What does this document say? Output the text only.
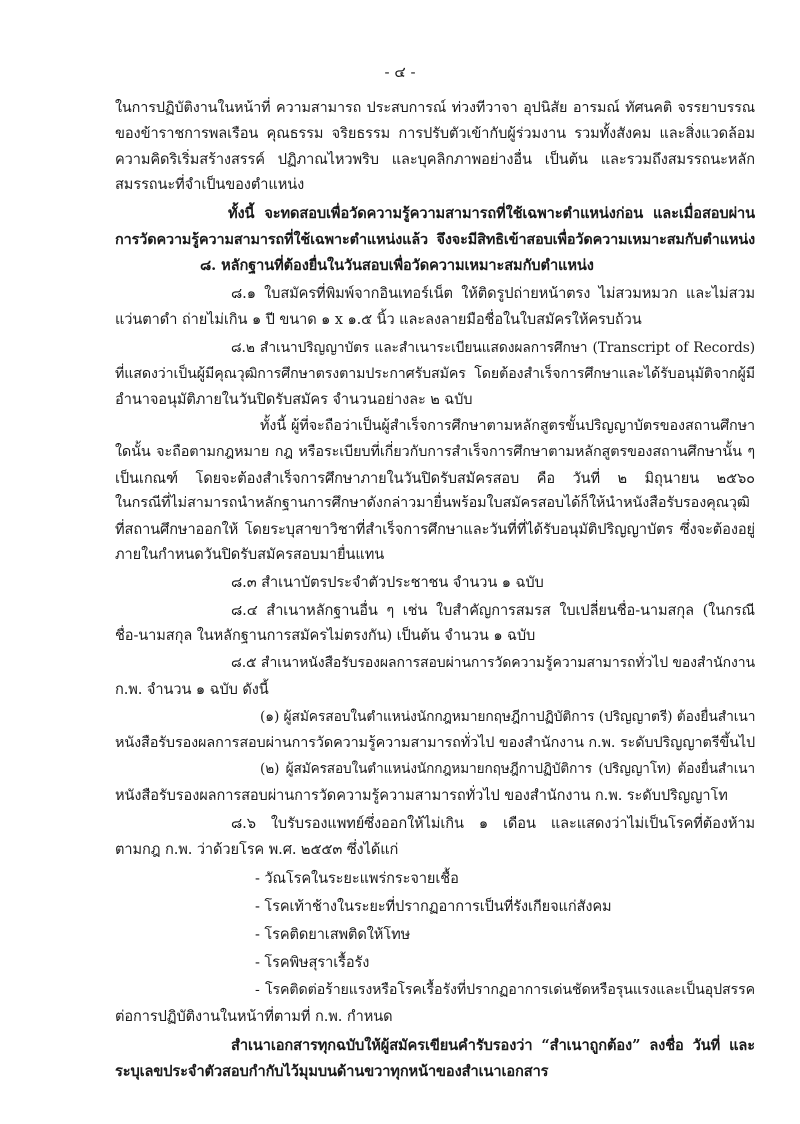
- ๔ -
ในการปฏิบัติงานในหน้าที่ ความสามารถ ประสบการณ์ ท่วงทีวาจา อุปนิสัย อารมณ์ ทัศนคติ จรรยาบรรณ
ของข้าราชการพลเรือน คุณธรรม จริยธรรม การปรับตัวเข้ากับผู้ร่วมงาน รวมทั้งสังคม และสิ่งแวดล้อม
ความคิดริเริ่มสร้างสรรค์ ปฏิภาณไหวพริบ และบุคลิกภาพอย่างอื่น เป็นต้น และรวมถึงสมรรถนะหลัก
สมรรถนะที่จำเป็นของตำแหน่ง
ทั้งนี้ จะทดสอบเพื่อวัดความรู้ความสามารถที่ใช้เฉพาะตำแหน่งก่อน และเมื่อสอบผ่าน
การวัดความรู้ความสามารถที่ใช้เฉพาะตำแหน่งแล้ว จึงจะมีสิทธิเข้าสอบเพื่อวัดความเหมาะสมกับตำแหน่ง
๘. หลักฐานที่ต้องยื่นในวันสอบเพื่อวัดความเหมาะสมกับตำแหน่ง
๘.๑ ใบสมัครที่พิมพ์จากอินเทอร์เน็ต ให้ติดรูปถ่ายหน้าตรง ไม่สวมหมวก และไม่สวม
แว่นตาดำ ถ่ายไม่เกิน ๑ ปี ขนาด ๑ x ๑.๕ นิ้ว และลงลายมือชื่อในใบสมัครให้ครบถ้วน
๘.๒ สำเนาปริญญาบัตร และสำเนาระเบียนแสดงผลการศึกษา (Transcript of Records)
ที่แสดงว่าเป็นผู้มีคุณวุฒิการศึกษาตรงตามประกาศรับสมัคร โดยต้องสำเร็จการศึกษาและได้รับอนุมัติจากผู้มี
อำนาจอนุมัติภายในวันปิดรับสมัคร จำนวนอย่างละ ๒ ฉบับ
ทั้งนี้ ผู้ที่จะถือว่าเป็นผู้สำเร็จการศึกษาตามหลักสูตรขั้นปริญญาบัตรของสถานศึกษา
ใดนั้น จะถือตามกฎหมาย กฎ หรือระเบียบที่เกี่ยวกับการสำเร็จการศึกษาตามหลักสูตรของสถานศึกษานั้น ๆ
เป็นเกณฑ์ โดยจะต้องสำเร็จการศึกษาภายในวันปิดรับสมัครสอบ คือ วันที่ ๒ มิถุนายน ๒๕๖๐
ในกรณีที่ไม่สามารถนำหลักฐานการศึกษาดังกล่าวมายื่นพร้อมใบสมัครสอบได้ก็ให้นำหนังสือรับรองคุณวุฒิ
ที่สถานศึกษาออกให้ โดยระบุสาขาวิชาที่สำเร็จการศึกษาและวันที่ที่ได้รับอนุมัติปริญญาบัตร ซึ่งจะต้องอยู่
ภายในกำหนดวันปิดรับสมัครสอบมายื่นแทน
๘.๓ สำเนาบัตรประจำตัวประชาชน จำนวน ๑ ฉบับ
๘.๔ สำเนาหลักฐานอื่น ๆ เช่น ใบสำคัญการสมรส ใบเปลี่ยนชื่อ-นามสกุล (ในกรณี
ชื่อ-นามสกุล ในหลักฐานการสมัครไม่ตรงกัน) เป็นต้น จำนวน ๑ ฉบับ
๘.๕ สำเนาหนังสือรับรองผลการสอบผ่านการวัดความรู้ความสามารถทั่วไป ของสำนักงาน
ก.พ. จำนวน ๑ ฉบับ ดังนี้
(๑) ผู้สมัครสอบในตำแหน่งนักกฎหมายกฤษฎีกาปฏิบัติการ (ปริญญาตรี) ต้องยื่นสำเนา
หนังสือรับรองผลการสอบผ่านการวัดความรู้ความสามารถทั่วไป ของสำนักงาน ก.พ. ระดับปริญญาตรีขึ้นไป
(๒) ผู้สมัครสอบในตำแหน่งนักกฎหมายกฤษฎีกาปฏิบัติการ (ปริญญาโท) ต้องยื่นสำเนา
หนังสือรับรองผลการสอบผ่านการวัดความรู้ความสามารถทั่วไป ของสำนักงาน ก.พ. ระดับปริญญาโท
๘.๖ ใบรับรองแพทย์ซึ่งออกให้ไม่เกิน ๑ เดือน และแสดงว่าไม่เป็นโรคที่ต้องห้าม
ตามกฎ ก.พ. ว่าด้วยโรค พ.ศ. ๒๕๕๓ ซึ่งได้แก่
- วัณโรคในระยะแพร่กระจายเชื้อ
- โรคเท้าช้างในระยะที่ปรากฏอาการเป็นที่รังเกียจแก่สังคม
- โรคติดยาเสพติดให้โทษ
- โรคพิษสุราเรื้อรัง
- โรคติดต่อร้ายแรงหรือโรคเรื้อรังที่ปรากฏอาการเด่นชัดหรือรุนแรงและเป็นอุปสรรค
ต่อการปฏิบัติงานในหน้าที่ตามที่ ก.พ. กำหนด
สำเนาเอกสารทุกฉบับให้ผู้สมัครเขียนคำรับรองว่า “สำเนาถูกต้อง” ลงชื่อ วันที่ และ
ระบุเลขประจำตัวสอบกำกับไว้มุมบนด้านขวาทุกหน้าของสำเนาเอกสาร
